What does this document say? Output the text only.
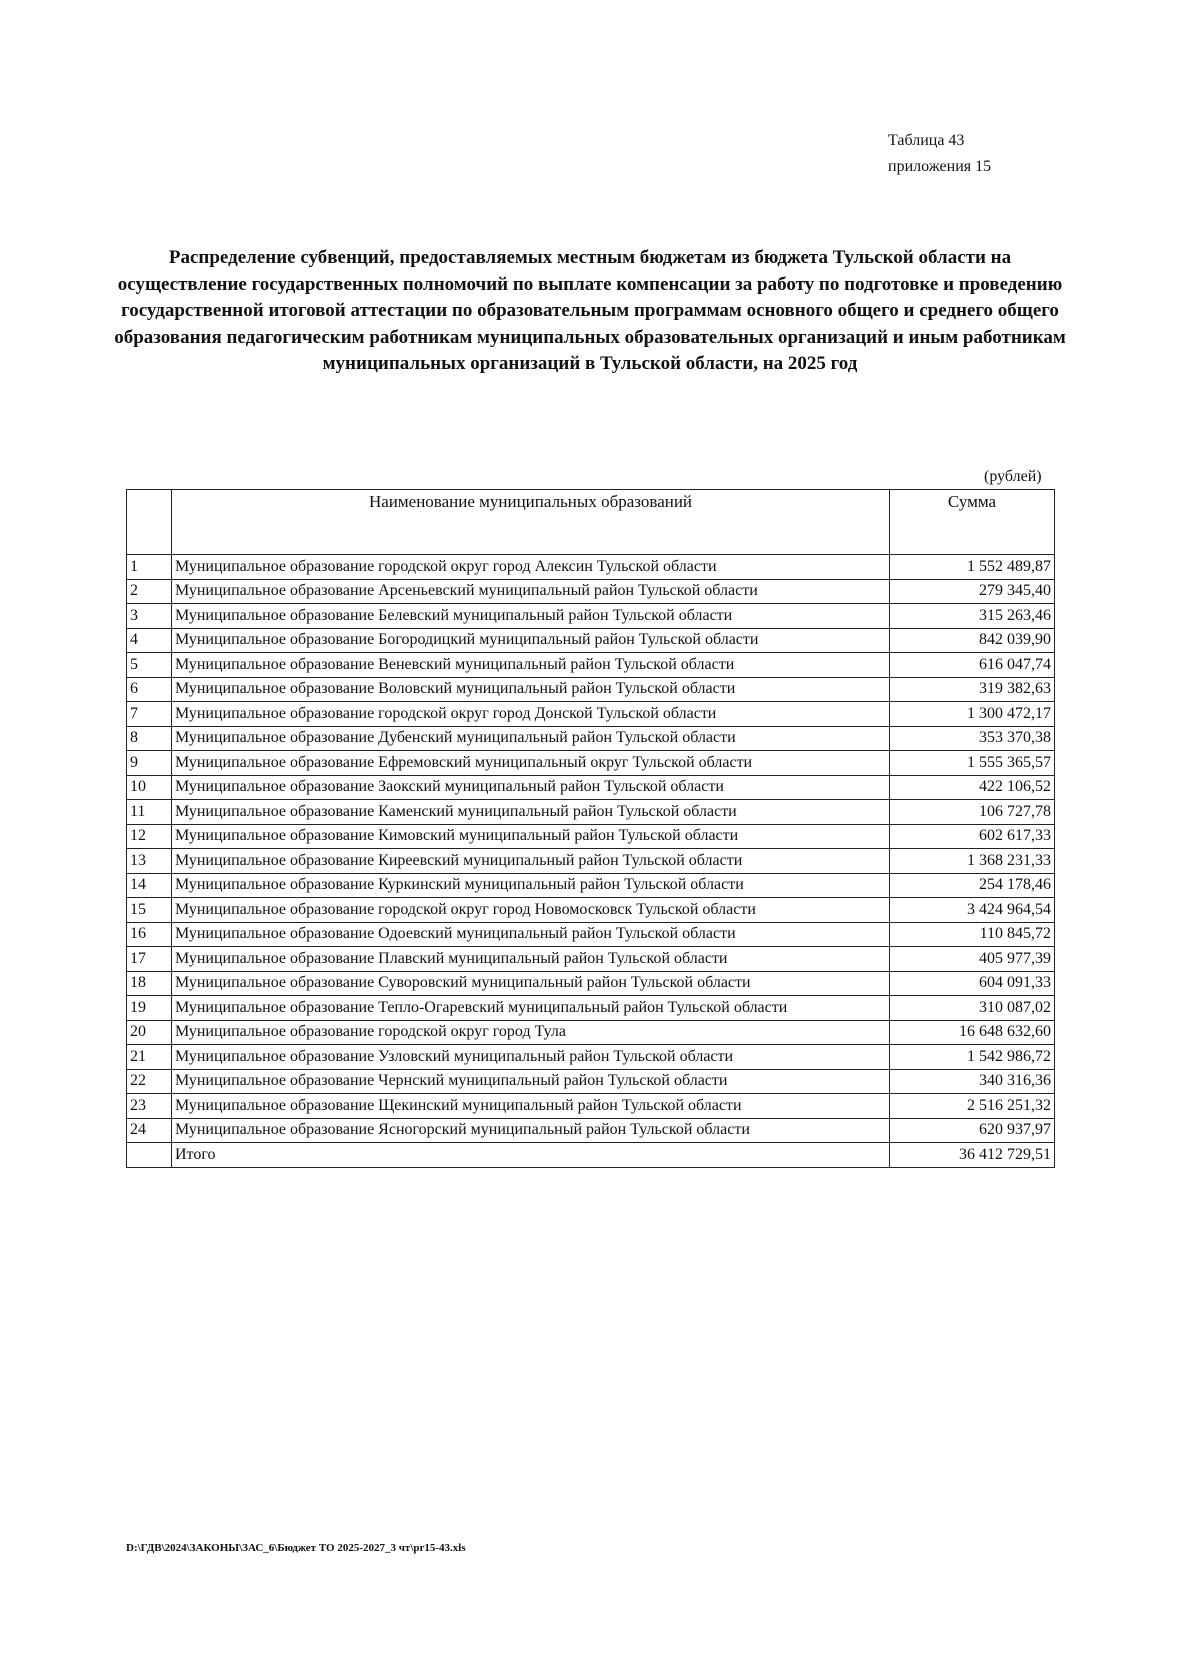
Таблица 43
приложения 15
Распределение субвенций, предоставляемых местным бюджетам из бюджета Тульской области на осуществление государственных полномочий по выплате компенсации за работу по подготовке и проведению государственной итоговой аттестации по образовательным программам основного общего и среднего общего образования педагогическим работникам муниципальных образовательных организаций и иным работникам муниципальных организаций в Тульской области, на 2025 год
(рублей)
	Наименование муниципальных образований	Сумма
1	Муниципальное образование городской округ город Алексин Тульской области	1 552 489,87
2	Муниципальное образование Арсеньевский муниципальный район Тульской области	279 345,40
3	Муниципальное образование Белевский муниципальный район Тульской области	315 263,46
4	Муниципальное образование Богородицкий муниципальный район Тульской области	842 039,90
5	Муниципальное образование Веневский муниципальный район Тульской области	616 047,74
6	Муниципальное образование Воловский муниципальный район Тульской области	319 382,63
7	Муниципальное образование городской округ город Донской Тульской области	1 300 472,17
8	Муниципальное образование Дубенский муниципальный район Тульской области	353 370,38
9	Муниципальное образование Ефремовский муниципальный округ Тульской области	1 555 365,57
10	Муниципальное образование Заокский муниципальный район Тульской области	422 106,52
11	Муниципальное образование Каменский муниципальный район Тульской области	106 727,78
12	Муниципальное образование Кимовский муниципальный район Тульской области	602 617,33
13	Муниципальное образование Киреевский муниципальный район Тульской области	1 368 231,33
14	Муниципальное образование Куркинский муниципальный район Тульской области	254 178,46
15	Муниципальное образование городской округ город Новомосковск Тульской области	3 424 964,54
16	Муниципальное образование Одоевский муниципальный район Тульской области	110 845,72
17	Муниципальное образование Плавский муниципальный район Тульской области	405 977,39
18	Муниципальное образование Суворовский муниципальный район Тульской области	604 091,33
19	Муниципальное образование Тепло-Огаревский муниципальный район Тульской области	310 087,02
20	Муниципальное образование городской округ город Тула	16 648 632,60
21	Муниципальное образование Узловский муниципальный район Тульской области	1 542 986,72
22	Муниципальное образование Чернский муниципальный район Тульской области	340 316,36
23	Муниципальное образование Щекинский муниципальный район Тульской области	2 516 251,32
24	Муниципальное образование Ясногорский муниципальный район Тульской области	620 937,97
	Итого	36 412 729,51
D:\ГДВ\2024\ЗАКОНЫ\ЗАС_6\Бюджет ТО 2025-2027_3 чт\pr15-43.xls
